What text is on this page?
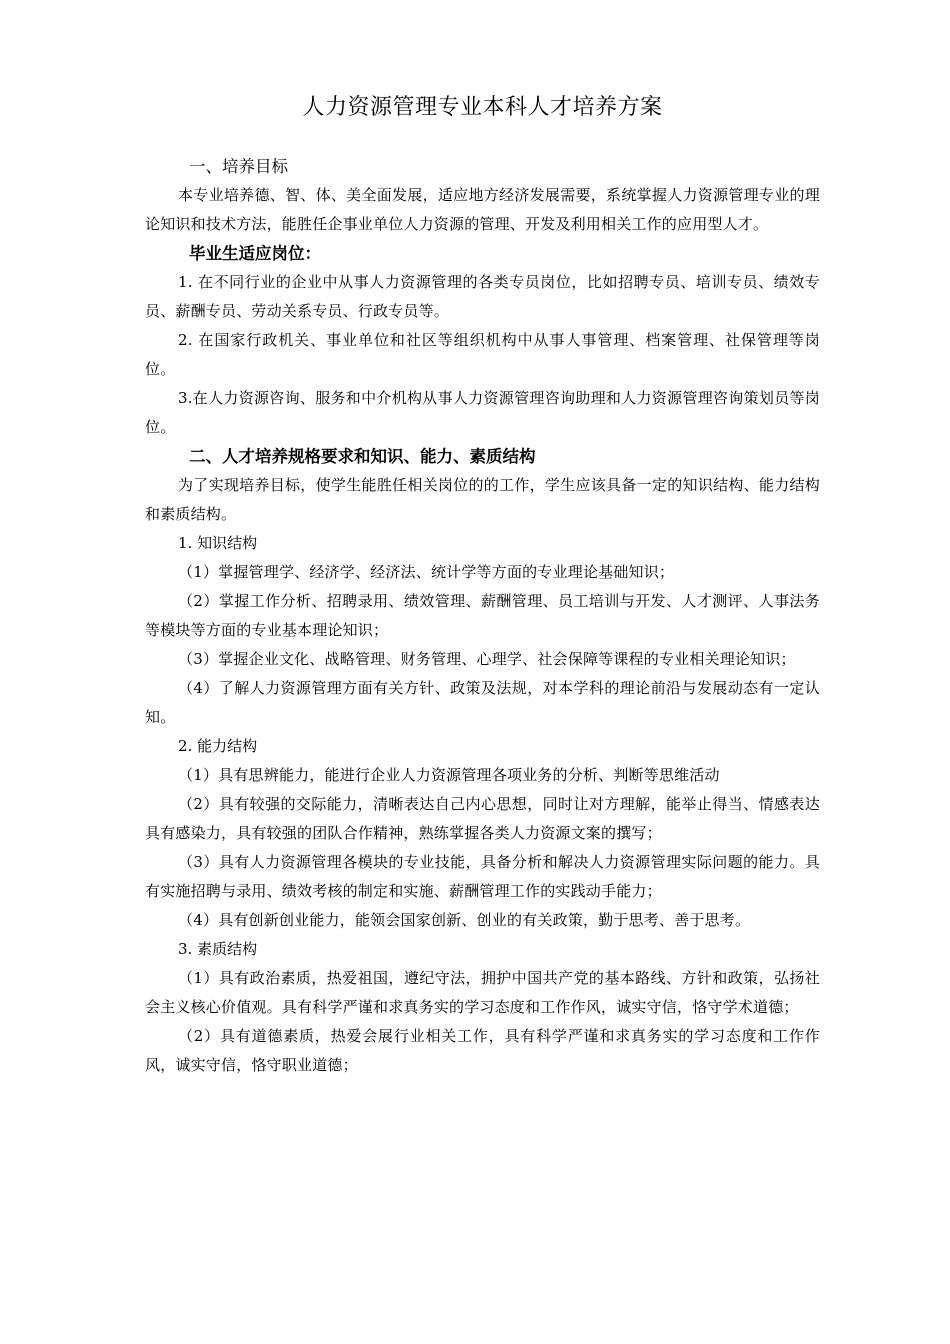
人力资源管理专业本科人才培养方案
一、培养目标

本专业培养德、智、体、美全面发展，适应地方经济发展需要，系统掌握人力资源管理专业的理论知识和技术方法，能胜任企事业单位人力资源的管理、开发及利用相关工作的应用型人才。

毕业生适应岗位：

1. 在不同行业的企业中从事人力资源管理的各类专员岗位，比如招聘专员、培训专员、绩效专员、薪酬专员、劳动关系专员、行政专员等。

2. 在国家行政机关、事业单位和社区等组织机构中从事人事管理、档案管理、社保管理等岗位。

3.在人力资源咨询、服务和中介机构从事人力资源管理咨询助理和人力资源管理咨询策划员等岗位。

二、人才培养规格要求和知识、能力、素质结构

为了实现培养目标，使学生能胜任相关岗位的的工作，学生应该具备一定的知识结构、能力结构和素质结构。

1. 知识结构

（1）掌握管理学、经济学、经济法、统计学等方面的专业理论基础知识；

（2）掌握工作分析、招聘录用、绩效管理、薪酬管理、员工培训与开发、人才测评、人事法务等模块等方面的专业基本理论知识；

（3）掌握企业文化、战略管理、财务管理、心理学、社会保障等课程的专业相关理论知识；

（4）了解人力资源管理方面有关方针、政策及法规，对本学科的理论前沿与发展动态有一定认知。

2. 能力结构

（1）具有思辨能力，能进行企业人力资源管理各项业务的分析、判断等思维活动

（2）具有较强的交际能力，清晰表达自己内心思想，同时让对方理解，能举止得当、情感表达具有感染力，具有较强的团队合作精神，熟练掌握各类人力资源文案的撰写；

（3）具有人力资源管理各模块的专业技能，具备分析和解决人力资源管理实际问题的能力。具有实施招聘与录用、绩效考核的制定和实施、薪酬管理工作的实践动手能力；

（4）具有创新创业能力，能领会国家创新、创业的有关政策，勤于思考、善于思考。

3. 素质结构

（1）具有政治素质，热爱祖国，遵纪守法，拥护中国共产党的基本路线、方针和政策，弘扬社会主义核心价值观。具有科学严谨和求真务实的学习态度和工作作风，诚实守信，恪守学术道德；

（2）具有道德素质，热爱会展行业相关工作，具有科学严谨和求真务实的学习态度和工作作风，诚实守信，恪守职业道德；
